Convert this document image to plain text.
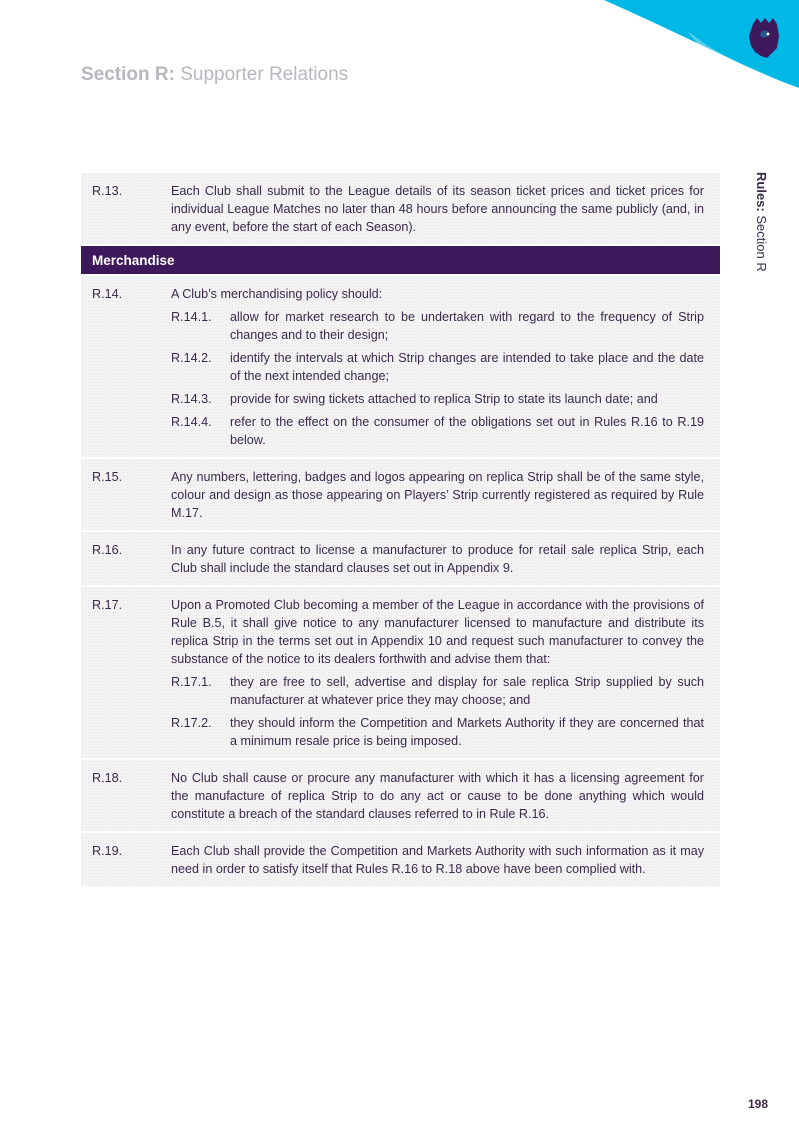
Section R: Supporter Relations
Rules: Section R
R.13.	Each Club shall submit to the League details of its season ticket prices and ticket prices for individual League Matches no later than 48 hours before announcing the same publicly (and, in any event, before the start of each Season).
Merchandise
R.14.	A Club’s merchandising policy should:
R.14.1.	allow for market research to be undertaken with regard to the frequency of Strip changes and to their design;
R.14.2.	identify the intervals at which Strip changes are intended to take place and the date of the next intended change;
R.14.3.	provide for swing tickets attached to replica Strip to state its launch date; and
R.14.4.	refer to the effect on the consumer of the obligations set out in Rules R.16 to R.19 below.
R.15.	Any numbers, lettering, badges and logos appearing on replica Strip shall be of the same style, colour and design as those appearing on Players’ Strip currently registered as required by Rule M.17.
R.16.	In any future contract to license a manufacturer to produce for retail sale replica Strip, each Club shall include the standard clauses set out in Appendix 9.
R.17.	Upon a Promoted Club becoming a member of the League in accordance with the provisions of Rule B.5, it shall give notice to any manufacturer licensed to manufacture and distribute its replica Strip in the terms set out in Appendix 10 and request such manufacturer to convey the substance of the notice to its dealers forthwith and advise them that:
R.17.1.	they are free to sell, advertise and display for sale replica Strip supplied by such manufacturer at whatever price they may choose; and
R.17.2.	they should inform the Competition and Markets Authority if they are concerned that a minimum resale price is being imposed.
R.18.	No Club shall cause or procure any manufacturer with which it has a licensing agreement for the manufacture of replica Strip to do any act or cause to be done anything which would constitute a breach of the standard clauses referred to in Rule R.16.
R.19.	Each Club shall provide the Competition and Markets Authority with such information as it may need in order to satisfy itself that Rules R.16 to R.18 above have been complied with.
198
